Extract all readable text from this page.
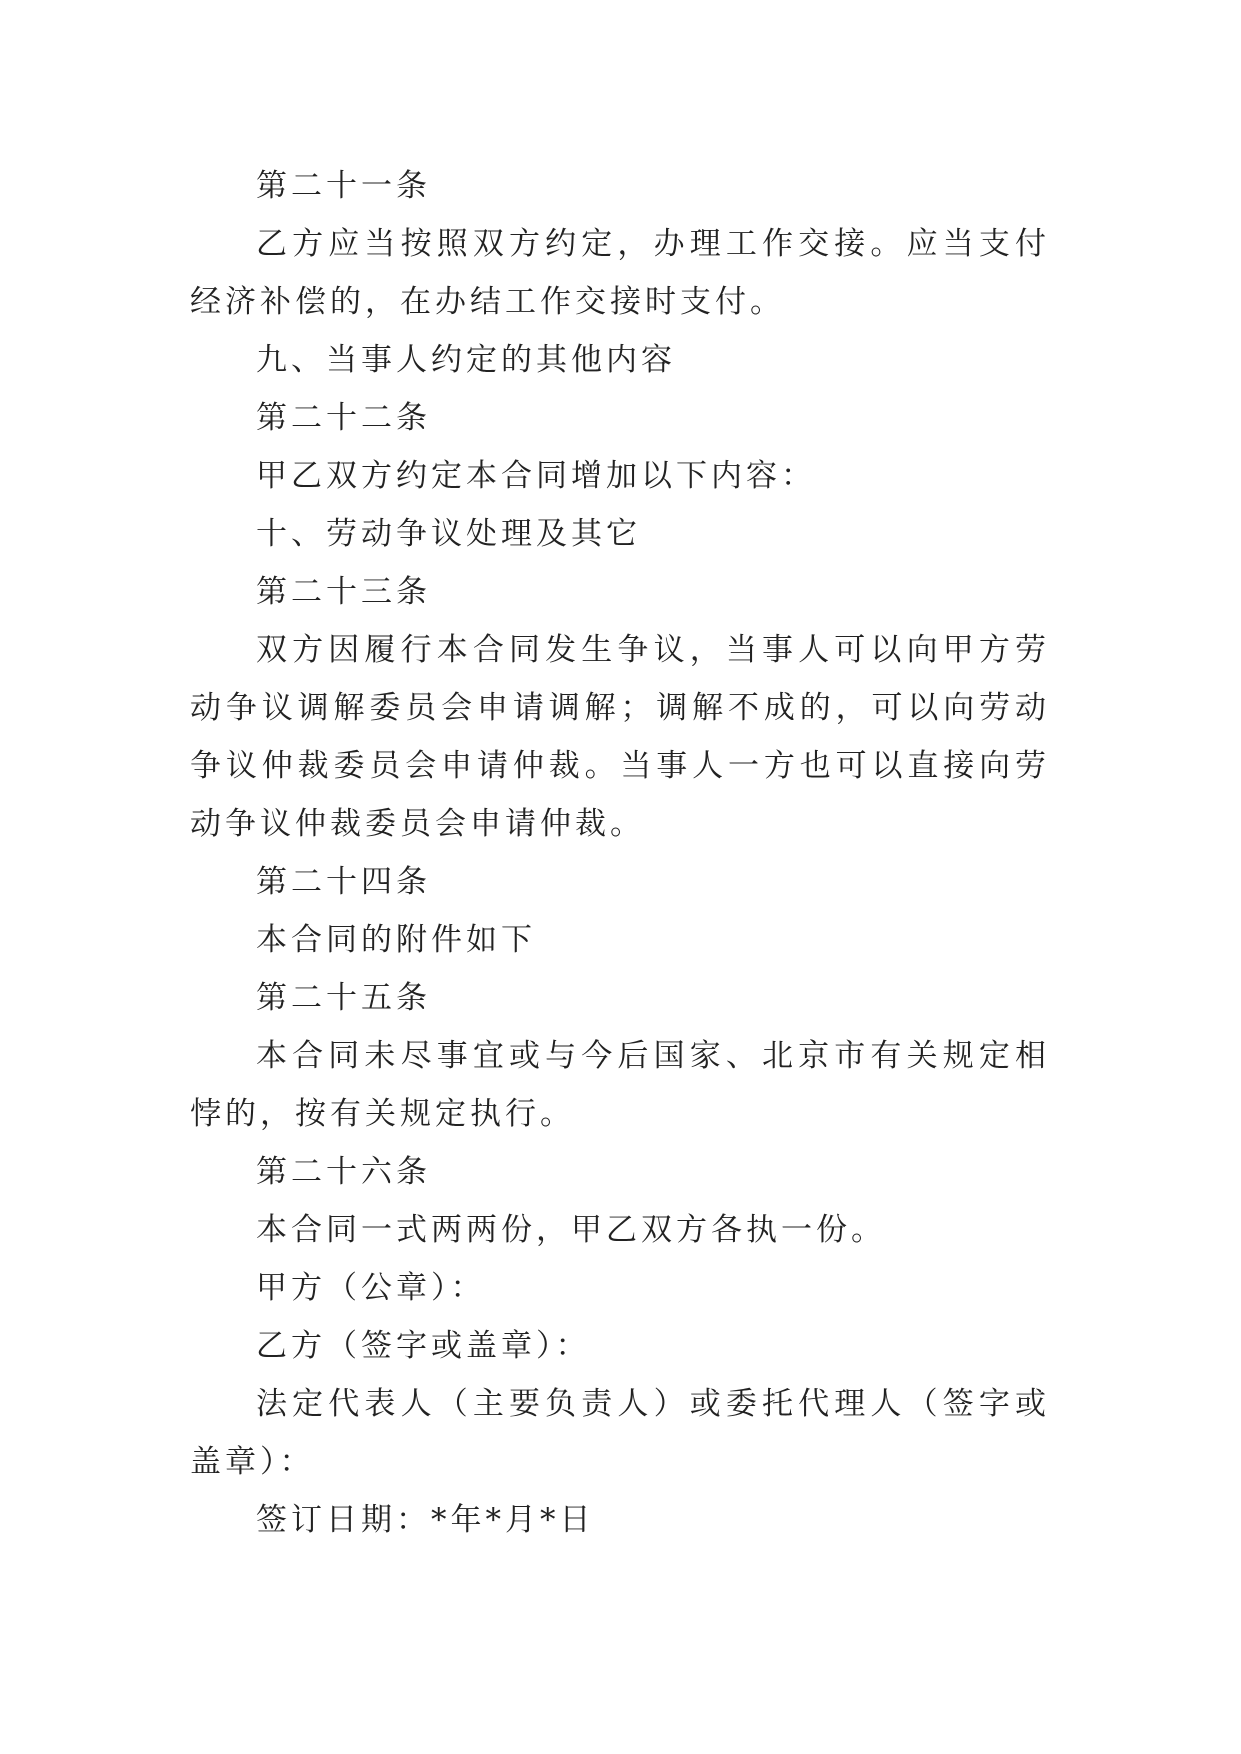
第二十一条

乙方应当按照双方约定，办理工作交接。应当支付经济补偿的，在办结工作交接时支付。

九、当事人约定的其他内容

第二十二条

甲乙双方约定本合同增加以下内容：

十、劳动争议处理及其它

第二十三条

双方因履行本合同发生争议，当事人可以向甲方劳动争议调解委员会申请调解；调解不成的，可以向劳动争议仲裁委员会申请仲裁。当事人一方也可以直接向劳动争议仲裁委员会申请仲裁。

第二十四条

本合同的附件如下

第二十五条

本合同未尽事宜或与今后国家、北京市有关规定相悖的，按有关规定执行。

第二十六条

本合同一式两两份，甲乙双方各执一份。

甲方（公章）：

乙方（签字或盖章）：

法定代表人（主要负责人）或委托代理人（签字或盖章）：

签订日期：*年*月*日
